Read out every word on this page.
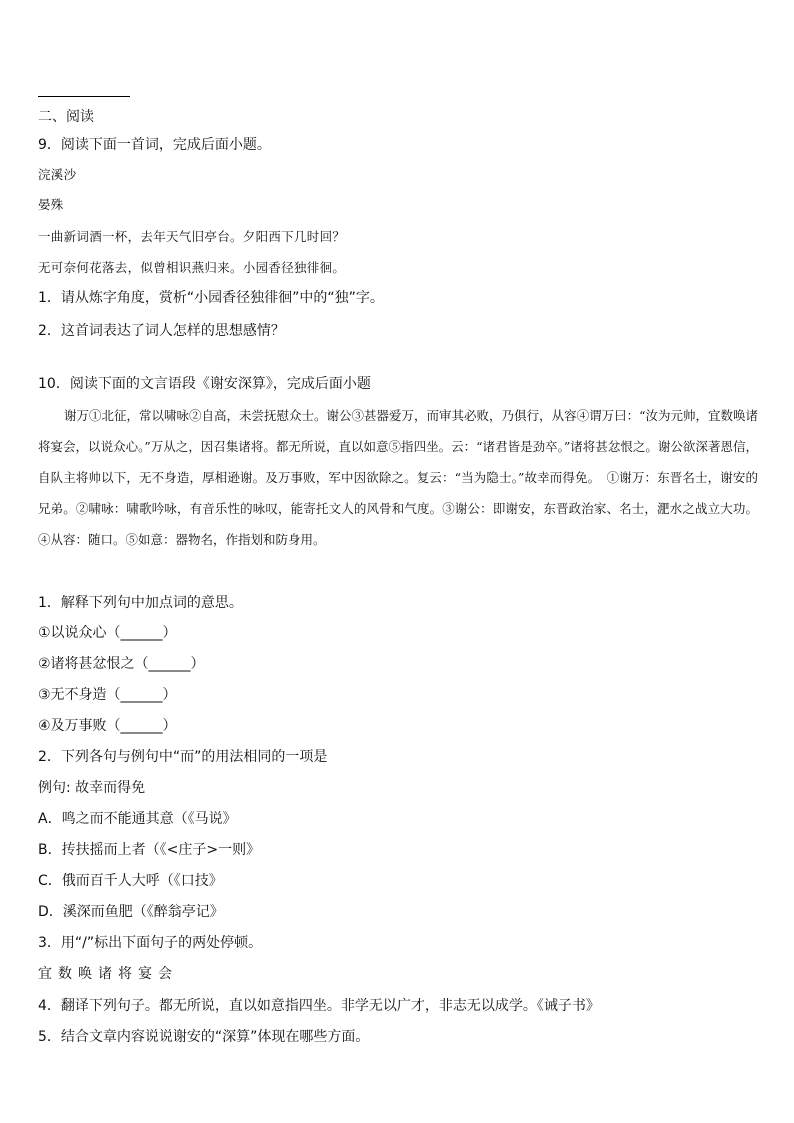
二、阅读
9．阅读下面一首词，完成后面小题。
浣溪沙
晏殊
一曲新词酒一杯，去年天气旧亭台。夕阳西下几时回？
无可奈何花落去，似曾相识燕归来。小园香径独徘徊。
1．请从炼字角度，赏析“小园香径独徘徊”中的“独”字。
2．这首词表达了词人怎样的思想感情？
10．阅读下面的文言语段《谢安深算》，完成后面小题

谢万①北征，常以啸咏②自高，未尝抚慰众士。谢公③甚器爱万，而审其必败，乃俱行，从容④谓万曰：“汝为元帅，宜数唤诸将宴会，以说众心。”万从之，因召集诸将。都无所说，直以如意⑤指四坐。云：“诸君皆是劲卒。”诸将甚忿恨之。谢公欲深著恩信，自队主将帅以下，无不身造，厚相逊谢。及万事败，军中因欲除之。复云：“当为隐士。”故幸而得免。　①谢万：东晋名士，谢安的兄弟。②啸咏：啸歌吟咏，有音乐性的咏叹，能寄托文人的风骨和气度。③谢公：即谢安，东晋政治家、名士，淝水之战立大功。④从容：随口。⑤如意：器物名，作指划和防身用。

1．解释下列句中加点词的意思。
①以说众心（______）
②诸将甚忿恨之（______）
③无不身造（______）
④及万事败（______）
2．下列各句与例句中“而”的用法相同的一项是
例句: 故幸而得免
A．鸣之而不能通其意（《马说》
B．抟扶摇而上者（《<庄子>一则》
C．俄而百千人大呼（《口技》
D．溪深而鱼肥（《醉翁亭记》
3．用“/”标出下面句子的两处停顿。
宜数唤诸将宴会
4．翻译下列句子。都无所说，直以如意指四坐。非学无以广才，非志无以成学。《诫子书》
5．结合文章内容说说谢安的“深算”体现在哪些方面。
